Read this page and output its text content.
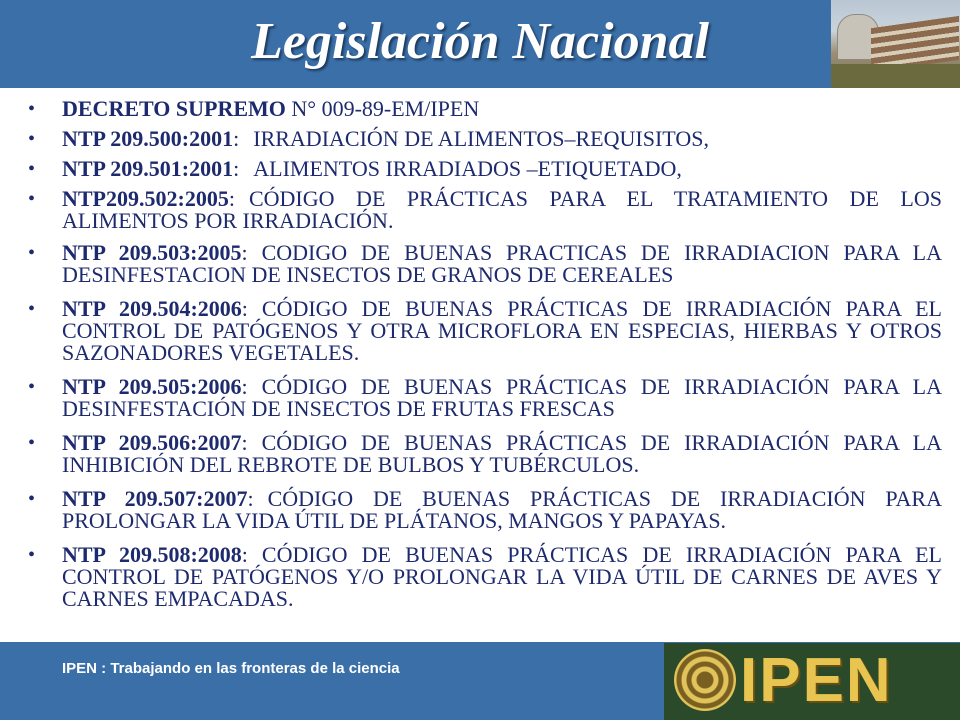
Legislación Nacional
• DECRETO SUPREMO N° 009-89-EM/IPEN
• NTP 209.500:2001: IRRADIACIÓN DE ALIMENTOS–REQUISITOS,
• NTP 209.501:2001: ALIMENTOS IRRADIADOS –ETIQUETADO,
• NTP209.502:2005: CÓDIGO DE PRÁCTICAS PARA EL TRATAMIENTO DE LOS ALIMENTOS POR IRRADIACIÓN.
• NTP 209.503:2005: CODIGO DE BUENAS PRACTICAS DE IRRADIACION PARA LA DESINFESTACION DE INSECTOS DE GRANOS DE CEREALES
• NTP 209.504:2006: CÓDIGO DE BUENAS PRÁCTICAS DE IRRADIACIÓN PARA EL CONTROL DE PATÓGENOS Y OTRA MICROFLORA EN ESPECIAS, HIERBAS Y OTROS SAZONADORES VEGETALES.
• NTP 209.505:2006: CÓDIGO DE BUENAS PRÁCTICAS DE IRRADIACIÓN PARA LA DESINFESTACIÓN DE INSECTOS DE FRUTAS FRESCAS
• NTP 209.506:2007: CÓDIGO DE BUENAS PRÁCTICAS DE IRRADIACIÓN PARA LA INHIBICIÓN DEL REBROTE DE BULBOS Y TUBÉRCULOS.
• NTP 209.507:2007: CÓDIGO DE BUENAS PRÁCTICAS DE IRRADIACIÓN PARA PROLONGAR LA VIDA ÚTIL DE PLÁTANOS, MANGOS Y PAPAYAS.
• NTP 209.508:2008: CÓDIGO DE BUENAS PRÁCTICAS DE IRRADIACIÓN PARA EL CONTROL DE PATÓGENOS Y/O PROLONGAR LA VIDA ÚTIL DE CARNES DE AVES Y CARNES EMPACADAS.
IPEN : Trabajando en las fronteras de la ciencia	IPEN
